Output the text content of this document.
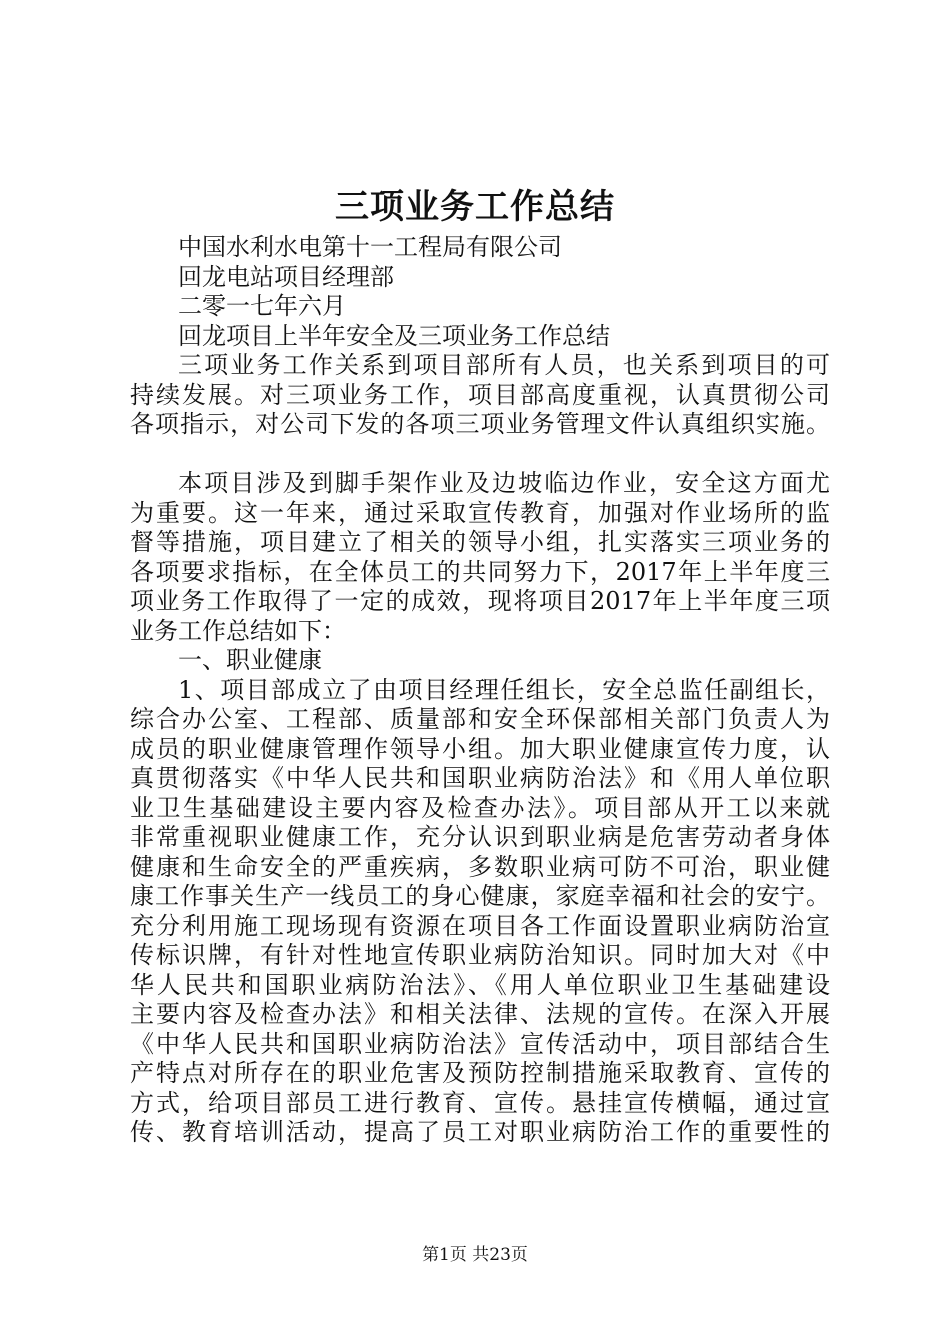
三项业务工作总结
中国水利水电第十一工程局有限公司
回龙电站项目经理部
二零一七年六月
回龙项目上半年安全及三项业务工作总结
三项业务工作关系到项目部所有人员，也关系到项目的可
持续发展。对三项业务工作，项目部高度重视，认真贯彻公司
各项指示，对公司下发的各项三项业务管理文件认真组织实施。
本项目涉及到脚手架作业及边坡临边作业，安全这方面尤
为重要。这一年来，通过采取宣传教育，加强对作业场所的监
督等措施，项目建立了相关的领导小组，扎实落实三项业务的
各项要求指标，在全体员工的共同努力下，2017年上半年度三
项业务工作取得了一定的成效，现将项目2017年上半年度三项
业务工作总结如下：
一、职业健康
1、项目部成立了由项目经理任组长，安全总监任副组长，
综合办公室、工程部、质量部和安全环保部相关部门负责人为
成员的职业健康管理作领导小组。加大职业健康宣传力度，认
真贯彻落实《中华人民共和国职业病防治法》和《用人单位职
业卫生基础建设主要内容及检查办法》。项目部从开工以来就
非常重视职业健康工作，充分认识到职业病是危害劳动者身体
健康和生命安全的严重疾病，多数职业病可防不可治，职业健
康工作事关生产一线员工的身心健康，家庭幸福和社会的安宁。
充分利用施工现场现有资源在项目各工作面设置职业病防治宣
传标识牌，有针对性地宣传职业病防治知识。同时加大对《中
华人民共和国职业病防治法》、《用人单位职业卫生基础建设
主要内容及检查办法》和相关法律、法规的宣传。在深入开展
《中华人民共和国职业病防治法》宣传活动中，项目部结合生
产特点对所存在的职业危害及预防控制措施采取教育、宣传的
方式，给项目部员工进行教育、宣传。悬挂宣传横幅，通过宣
传、教育培训活动，提高了员工对职业病防治工作的重要性的
第1页 共23页
